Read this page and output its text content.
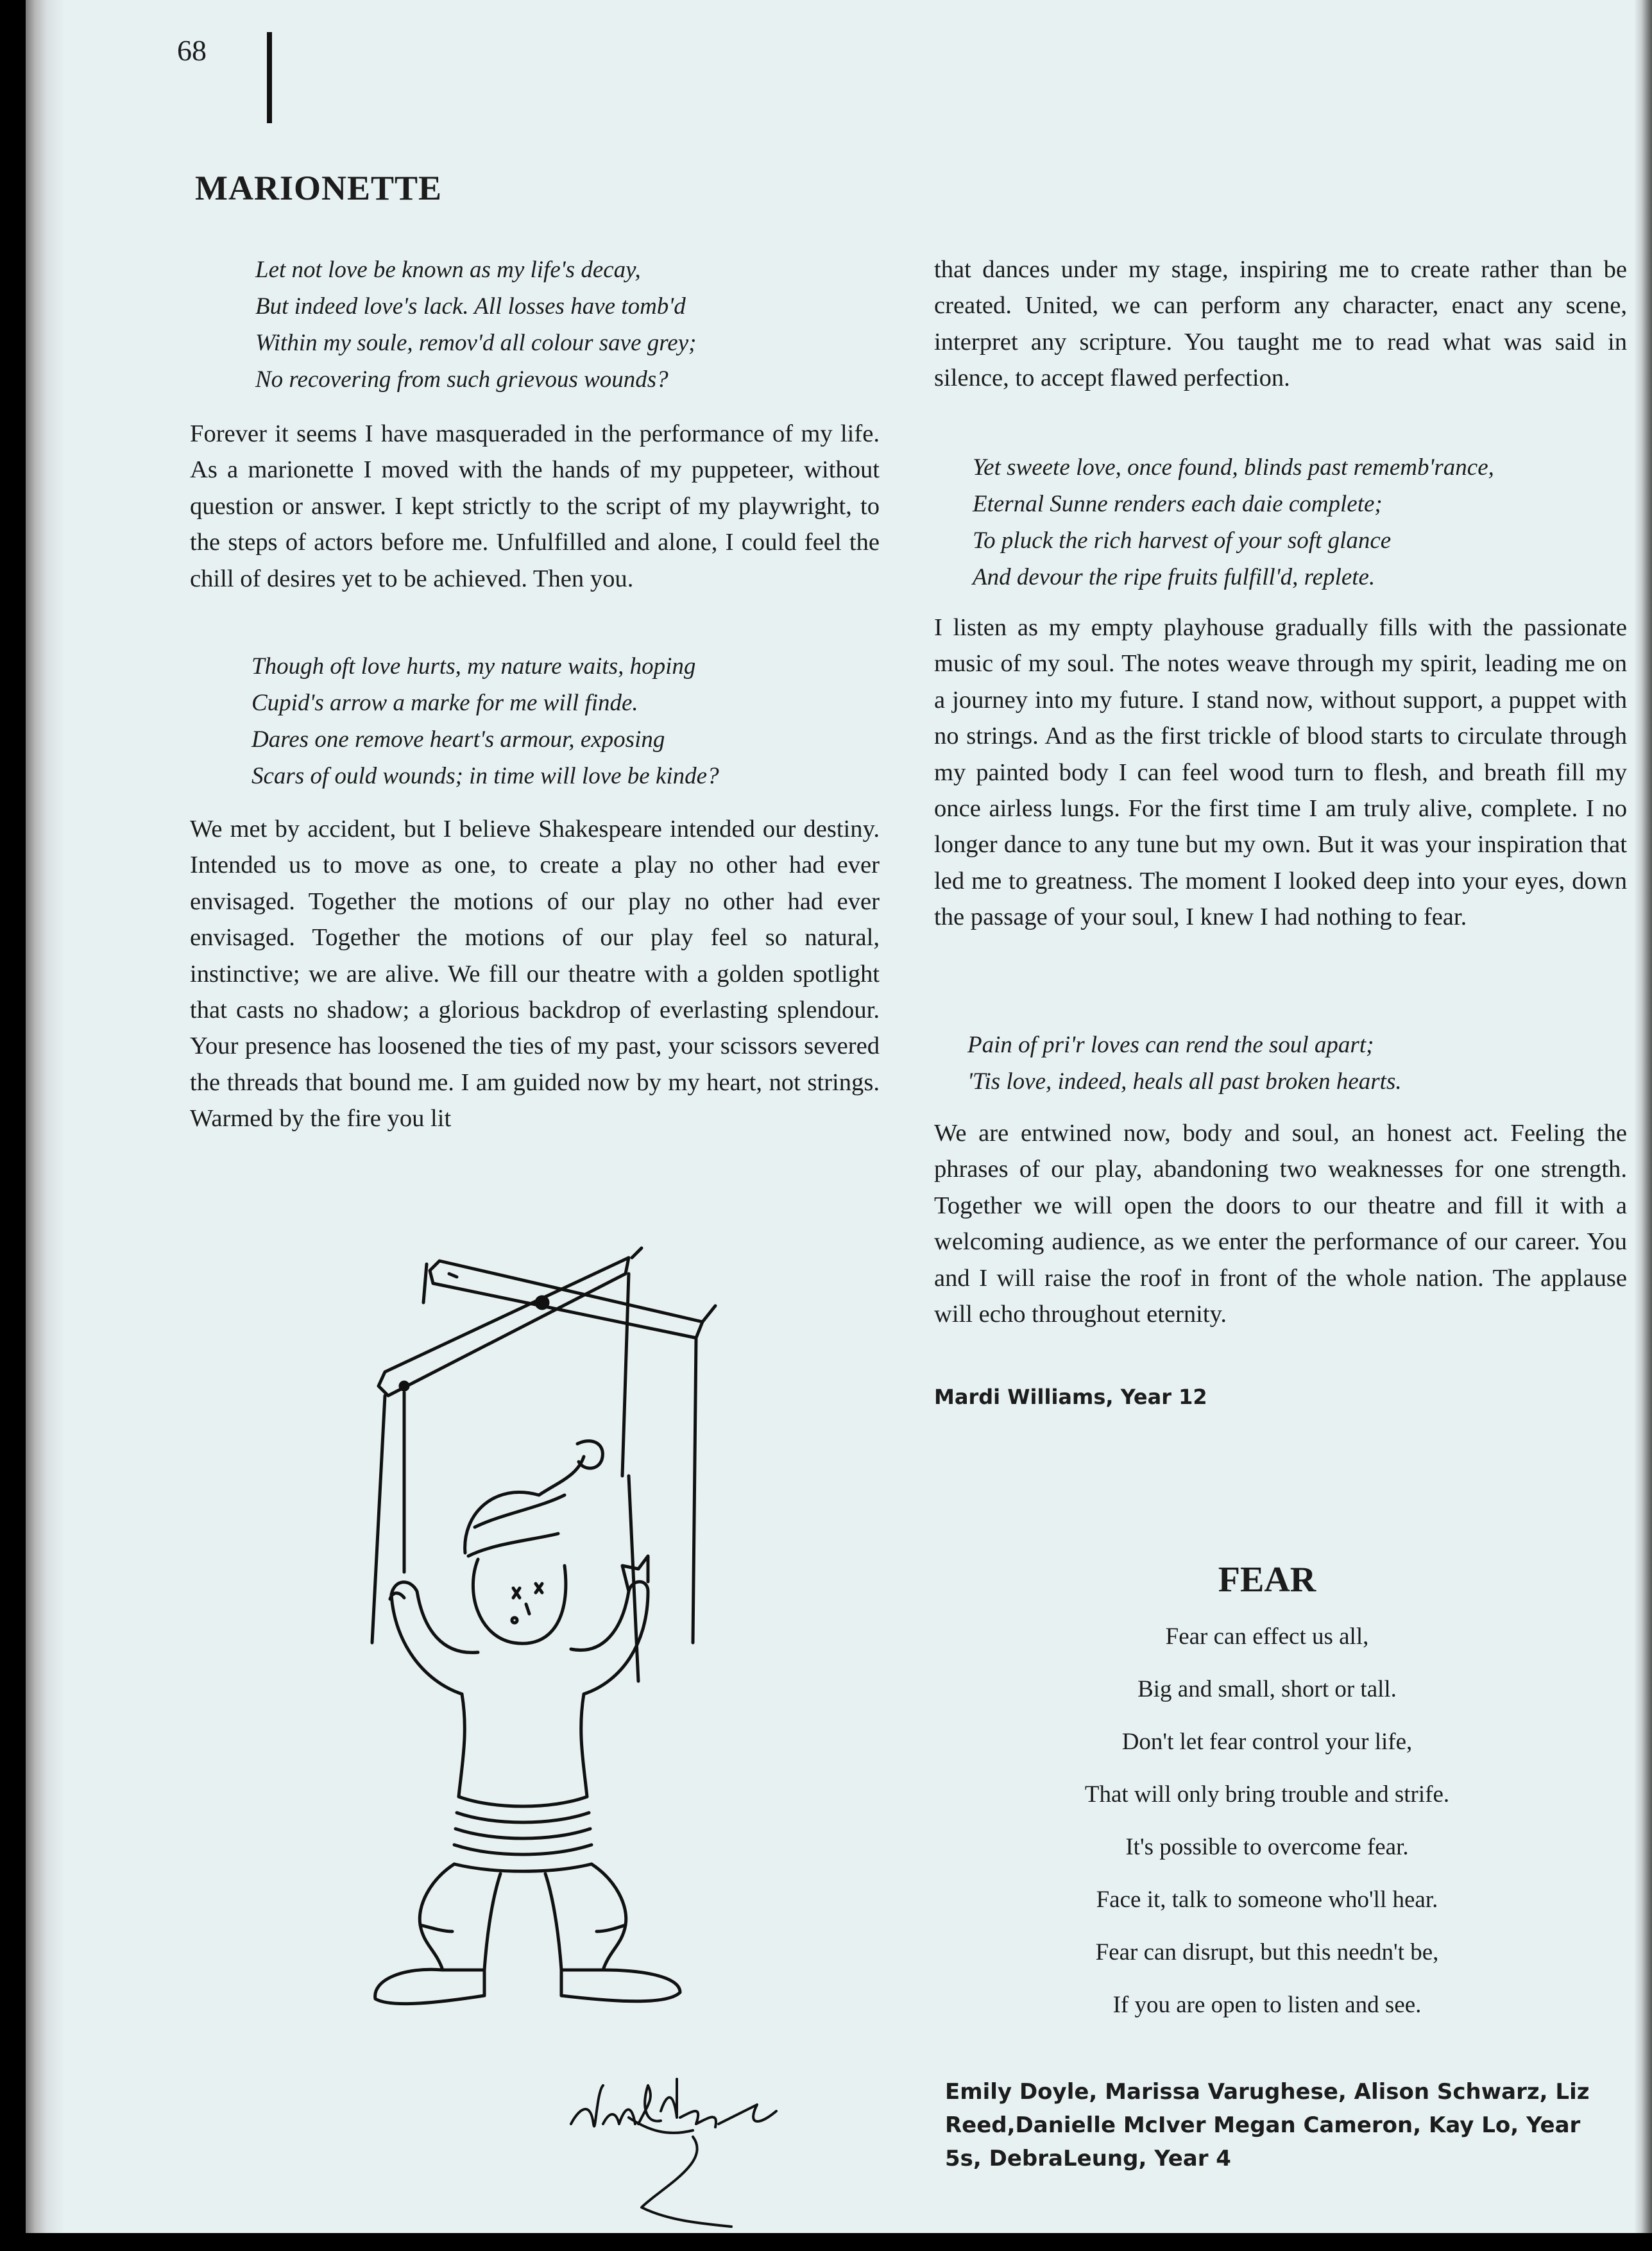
68

MARIONETTE
Let not love be known as my life's decay,
But indeed love's lack. All losses have tomb'd
Within my soule, remov'd all colour save grey;
No recovering from such grievous wounds?

Forever it seems I have masqueraded in the performance of my life. As a marionette I moved with the hands of my puppeteer, without question or answer. I kept strictly to the script of my playwright, to the steps of actors before me. Unfulfilled and alone, I could feel the chill of desires yet to be achieved. Then you.

Though oft love hurts, my nature waits, hoping
Cupid's arrow a marke for me will finde.
Dares one remove heart's armour, exposing
Scars of ould wounds; in time will love be kinde?

We met by accident, but I believe Shakespeare intended our destiny. Intended us to move as one, to create a play no other had ever envisaged. Together the motions of our play no other had ever envisaged. Together the motions of our play feel so natural, instinctive; we are alive. We fill our theatre with a golden spotlight that casts no shadow; a glorious backdrop of everlasting splendour. Your presence has loosened the ties of my past, your scissors severed the threads that bound me. I am guided now by my heart, not strings. Warmed by the fire you lit

that dances under my stage, inspiring me to create rather than be created. United, we can perform any character, enact any scene, interpret any scripture. You taught me to read what was said in silence, to accept flawed perfection.

Yet sweete love, once found, blinds past rememb'rance,
Eternal Sunne renders each daie complete;
To pluck the rich harvest of your soft glance
And devour the ripe fruits fulfill'd, replete.

I listen as my empty playhouse gradually fills with the passionate music of my soul. The notes weave through my spirit, leading me on a journey into my future. I stand now, without support, a puppet with no strings. And as the first trickle of blood starts to circulate through my painted body I can feel wood turn to flesh, and breath fill my once airless lungs. For the first time I am truly alive, complete. I no longer dance to any tune but my own. But it was your inspiration that led me to greatness. The moment I looked deep into your eyes, down the passage of your soul, I knew I had nothing to fear.

Pain of pri'r loves can rend the soul apart;
'Tis love, indeed, heals all past broken hearts.

We are entwined now, body and soul, an honest act. Feeling the phrases of our play, abandoning two weaknesses for one strength. Together we will open the doors to our theatre and fill it with a welcoming audience, as we enter the performance of our career. You and I will raise the roof in front of the whole nation. The applause will echo throughout eternity.

Mardi Williams, Year 12

FEAR
Fear can effect us all,
Big and small, short or tall.
Don't let fear control your life,
That will only bring trouble and strife.
It's possible to overcome fear.
Face it, talk to someone who'll hear.
Fear can disrupt, but this needn't be,
If you are open to listen and see.

Emily Doyle, Marissa Varughese, Alison Schwarz, Liz Reed,Danielle McIver Megan Cameron, Kay Lo, Year 5s, DebraLeung, Year 4
